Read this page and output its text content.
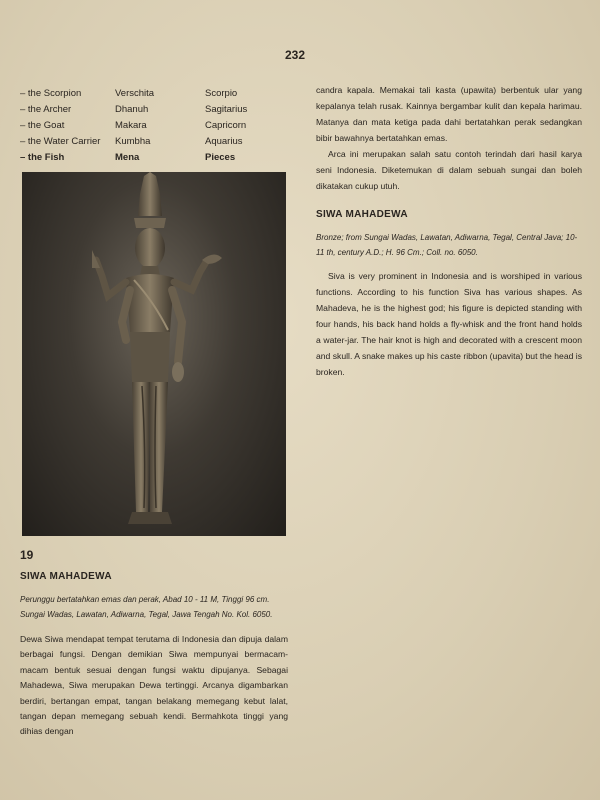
232
– the Scorpion	Verschita	Scorpio
– the Archer	Dhanuh	Sagitarius
– the Goat	Makara	Capricorn
– the Water Carrier	Kumbha	Aquarius
– the Fish	Mena	Pieces
19
SIWA MAHADEWA
Perunggu bertatahkan emas dan perak, Abad 10 - 11 M, Tinggi 96 cm. Sungai Wadas, Lawatan, Adiwarna, Tegal, Jawa Tengah No. Kol. 6050.
Dewa Siwa mendapat tempat terutama di Indonesia dan dipuja dalam berbagai fungsi. Dengan demikian Siwa mempunyai bermacam-macam bentuk sesuai dengan fungsi waktu dipujanya. Sebagai Mahadewa, Siwa merupakan Dewa tertinggi. Arcanya digambarkan berdiri, bertangan empat, tangan belakang memegang kebut lalat, tangan depan memegang sebuah kendi. Bermahkota tinggi yang dihias dengan

candra kapala. Memakai tali kasta (upawita) berbentuk ular yang kepalanya telah rusak. Kainnya bergambar kulit dan kepala harimau. Matanya dan mata ketiga pada dahi bertatahkan perak sedangkan bibir bawahnya bertatahkan emas.

Arca ini merupakan salah satu contoh terindah dari hasil karya seni Indonesia. Diketemukan di dalam sebuah sungai dan boleh dikatakan cukup utuh.

SIWA MAHADEWA
Bronze; from Sungai Wadas, Lawatan, Adiwarna, Tegal, Central Java; 10-11 th, century A.D.; H. 96 Cm.; Coll. no. 6050.

Siva is very prominent in Indonesia and is worshiped in various functions. According to his function Siva has various shapes. As Mahadeva, he is the highest god; his figure is depicted standing with four hands, his back hand holds a fly-whisk and the front hand holds a water-jar. The hair knot is high and decorated with a crescent moon and skull. A snake makes up his caste ribbon (upavita) but the head is broken.
